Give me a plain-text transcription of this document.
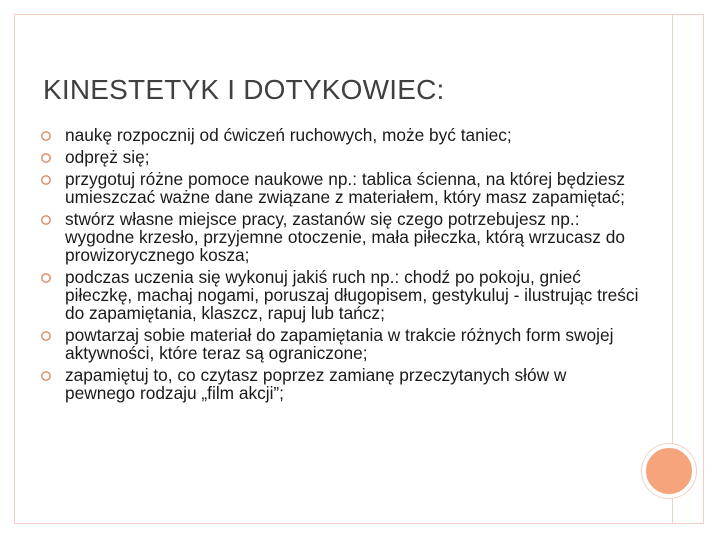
KINESTETYK I DOTYKOWIEC:
naukę rozpocznij od ćwiczeń ruchowych, może być taniec;
odpręż się;
przygotuj różne pomoce naukowe np.: tablica ścienna, na której będziesz umieszczać ważne dane związane z materiałem, który masz zapamiętać;
stwórz własne miejsce pracy, zastanów się czego potrzebujesz np.: wygodne krzesło, przyjemne otoczenie, mała piłeczka, którą wrzucasz do prowizorycznego kosza;
podczas uczenia się wykonuj jakiś ruch np.: chodź po pokoju, gnieć piłeczkę, machaj nogami, poruszaj długopisem, gestykuluj - ilustrując treści do zapamiętania, klaszcz, rapuj lub tańcz;
powtarzaj sobie materiał do zapamiętania w trakcie różnych form swojej aktywności, które teraz są ograniczone;
zapamiętuj to, co czytasz poprzez zamianę przeczytanych słów w pewnego rodzaju „film akcji”;
